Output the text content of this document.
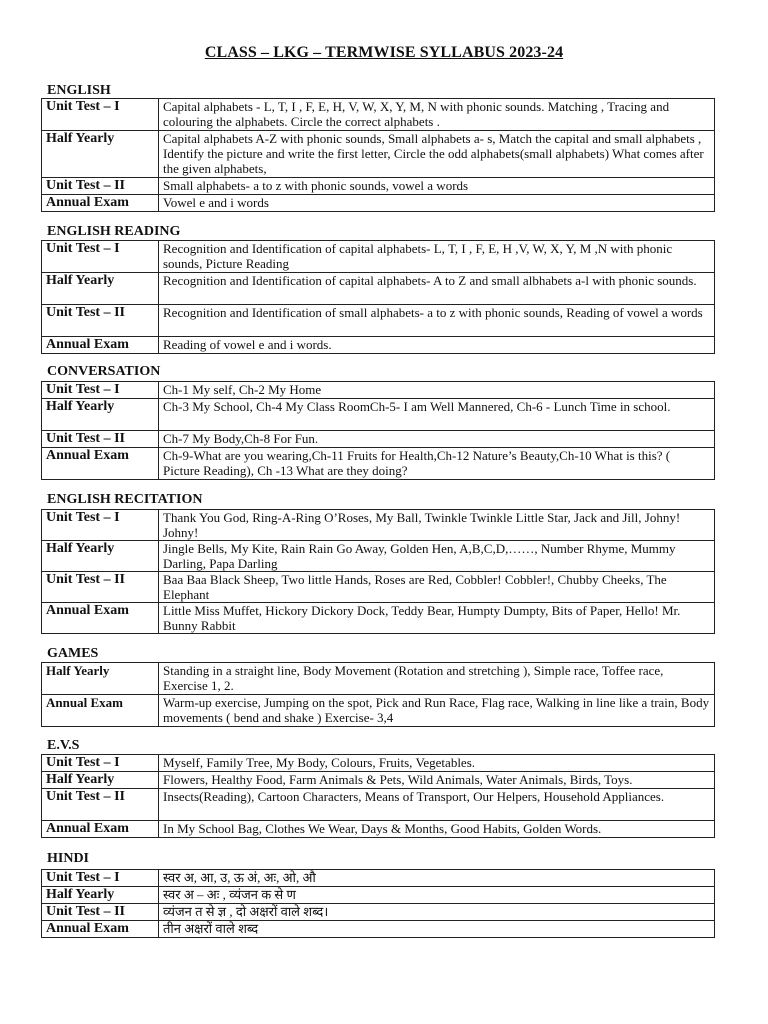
CLASS – LKG – TERMWISE SYLLABUS 2023-24
ENGLISH
Unit Test – I	Capital alphabets - L, T, I , F, E, H, V, W, X, Y, M, N with phonic sounds. Matching , Tracing and colouring the alphabets. Circle the correct alphabets .
Half Yearly	Capital alphabets A-Z with phonic sounds, Small alphabets a- s, Match the capital and small alphabets , Identify the picture and write the first letter, Circle the odd alphabets(small alphabets) What comes after the given alphabets,
Unit Test – II	Small alphabets- a to z with phonic sounds, vowel a words
Annual Exam	Vowel e and i words
ENGLISH READING
Unit Test – I	Recognition and Identification of capital alphabets- L, T, I , F, E, H ,V, W, X, Y, M ,N with phonic sounds, Picture Reading
Half Yearly	Recognition and Identification of capital alphabets- A to Z and small albhabets a-l with phonic sounds.
Unit Test – II	Recognition and Identification of small alphabets- a to z with phonic sounds, Reading of vowel a words
Annual Exam	Reading of vowel e and i words.
CONVERSATION
Unit Test – I	Ch-1 My self, Ch-2 My Home
Half Yearly	Ch-3 My School, Ch-4 My Class RoomCh-5- I am Well Mannered, Ch-6 - Lunch Time in school.
Unit Test – II	Ch-7 My Body,Ch-8 For Fun.
Annual Exam	Ch-9-What are you wearing,Ch-11 Fruits for Health,Ch-12 Nature’s Beauty,Ch-10 What is this? ( Picture Reading), Ch -13 What are they doing?
ENGLISH RECITATION
Unit Test – I	Thank You God, Ring-A-Ring O’Roses, My Ball, Twinkle Twinkle Little Star, Jack and Jill, Johny! Johny!
Half Yearly	Jingle Bells, My Kite, Rain Rain Go Away, Golden Hen, A,B,C,D,……, Number Rhyme, Mummy Darling, Papa Darling
Unit Test – II	Baa Baa Black Sheep, Two little Hands, Roses are Red, Cobbler! Cobbler!, Chubby Cheeks, The Elephant
Annual Exam	Little Miss Muffet, Hickory Dickory Dock, Teddy Bear, Humpty Dumpty, Bits of Paper, Hello! Mr. Bunny Rabbit
GAMES
Half Yearly	Standing in a straight line, Body Movement (Rotation and stretching ), Simple race, Toffee race, Exercise 1, 2.
Annual Exam	Warm-up exercise, Jumping on the spot, Pick and Run Race, Flag race, Walking in line like a train, Body movements ( bend and shake ) Exercise- 3,4
E.V.S
Unit Test – I	Myself, Family Tree, My Body, Colours, Fruits, Vegetables.
Half Yearly	Flowers, Healthy Food, Farm Animals & Pets, Wild Animals, Water Animals, Birds, Toys.
Unit Test – II	Insects(Reading), Cartoon Characters, Means of Transport, Our Helpers, Household Appliances.
Annual Exam	In My School Bag, Clothes We Wear, Days & Months, Good Habits, Golden Words.
HINDI
Unit Test – I	स्वर अ, आ, उ, ऊ अं, अः, ओ, औ
Half Yearly	स्वर अ – अः , व्यंजन क से ण
Unit Test – II	व्यंजन त से ज्ञ , दो अक्षरों वाले शब्द।
Annual Exam	तीन अक्षरों वाले शब्द
